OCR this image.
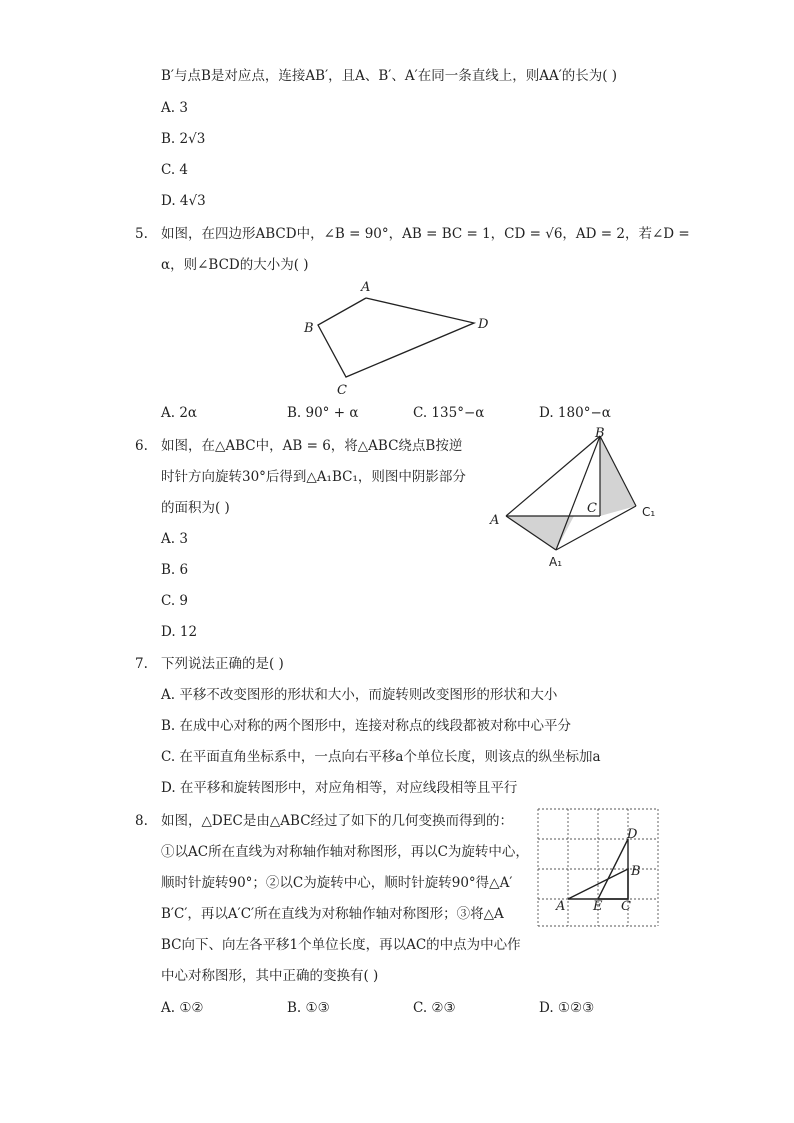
B′与点B是对应点，连接AB′，且A、B′、A′在同一条直线上，则AA′的长为( )
A. 3
B. 2√3
C. 4
D. 4√3
5. 如图，在四边形ABCD中，∠B = 90°，AB = BC = 1，CD = √6，AD = 2，若∠D =
α，则∠BCD的大小为( )
A
B
C
D
A. 2α	B. 90° + α	C. 135°−α	D. 180°−α
6. 如图，在△ABC中，AB = 6，将△ABC绕点B按逆
时针方向旋转30°后得到△A₁BC₁，则图中阴影部分
的面积为( )
B
A
C	C₁
A₁
A. 3
B. 6
C. 9
D. 12
7. 下列说法正确的是( )
A. 平移不改变图形的形状和大小，而旋转则改变图形的形状和大小
B. 在成中心对称的两个图形中，连接对称点的线段都被对称中心平分
C. 在平面直角坐标系中，一点向右平移a个单位长度，则该点的纵坐标加a
D. 在平移和旋转图形中，对应角相等，对应线段相等且平行
8. 如图，△DEC是由△ABC经过了如下的几何变换而得到的：
①以AC所在直线为对称轴作轴对称图形，再以C为旋转中心，
顺时针旋转90°；②以C为旋转中心，顺时针旋转90°得△A′
B′C′，再以A′C′所在直线为对称轴作轴对称图形；③将△A
BC向下、向左各平移1个单位长度，再以AC的中点为中心作
中心对称图形，其中正确的变换有( )
A E C
B
D
A. ①②	B. ①③	C. ②③	D. ①②③
